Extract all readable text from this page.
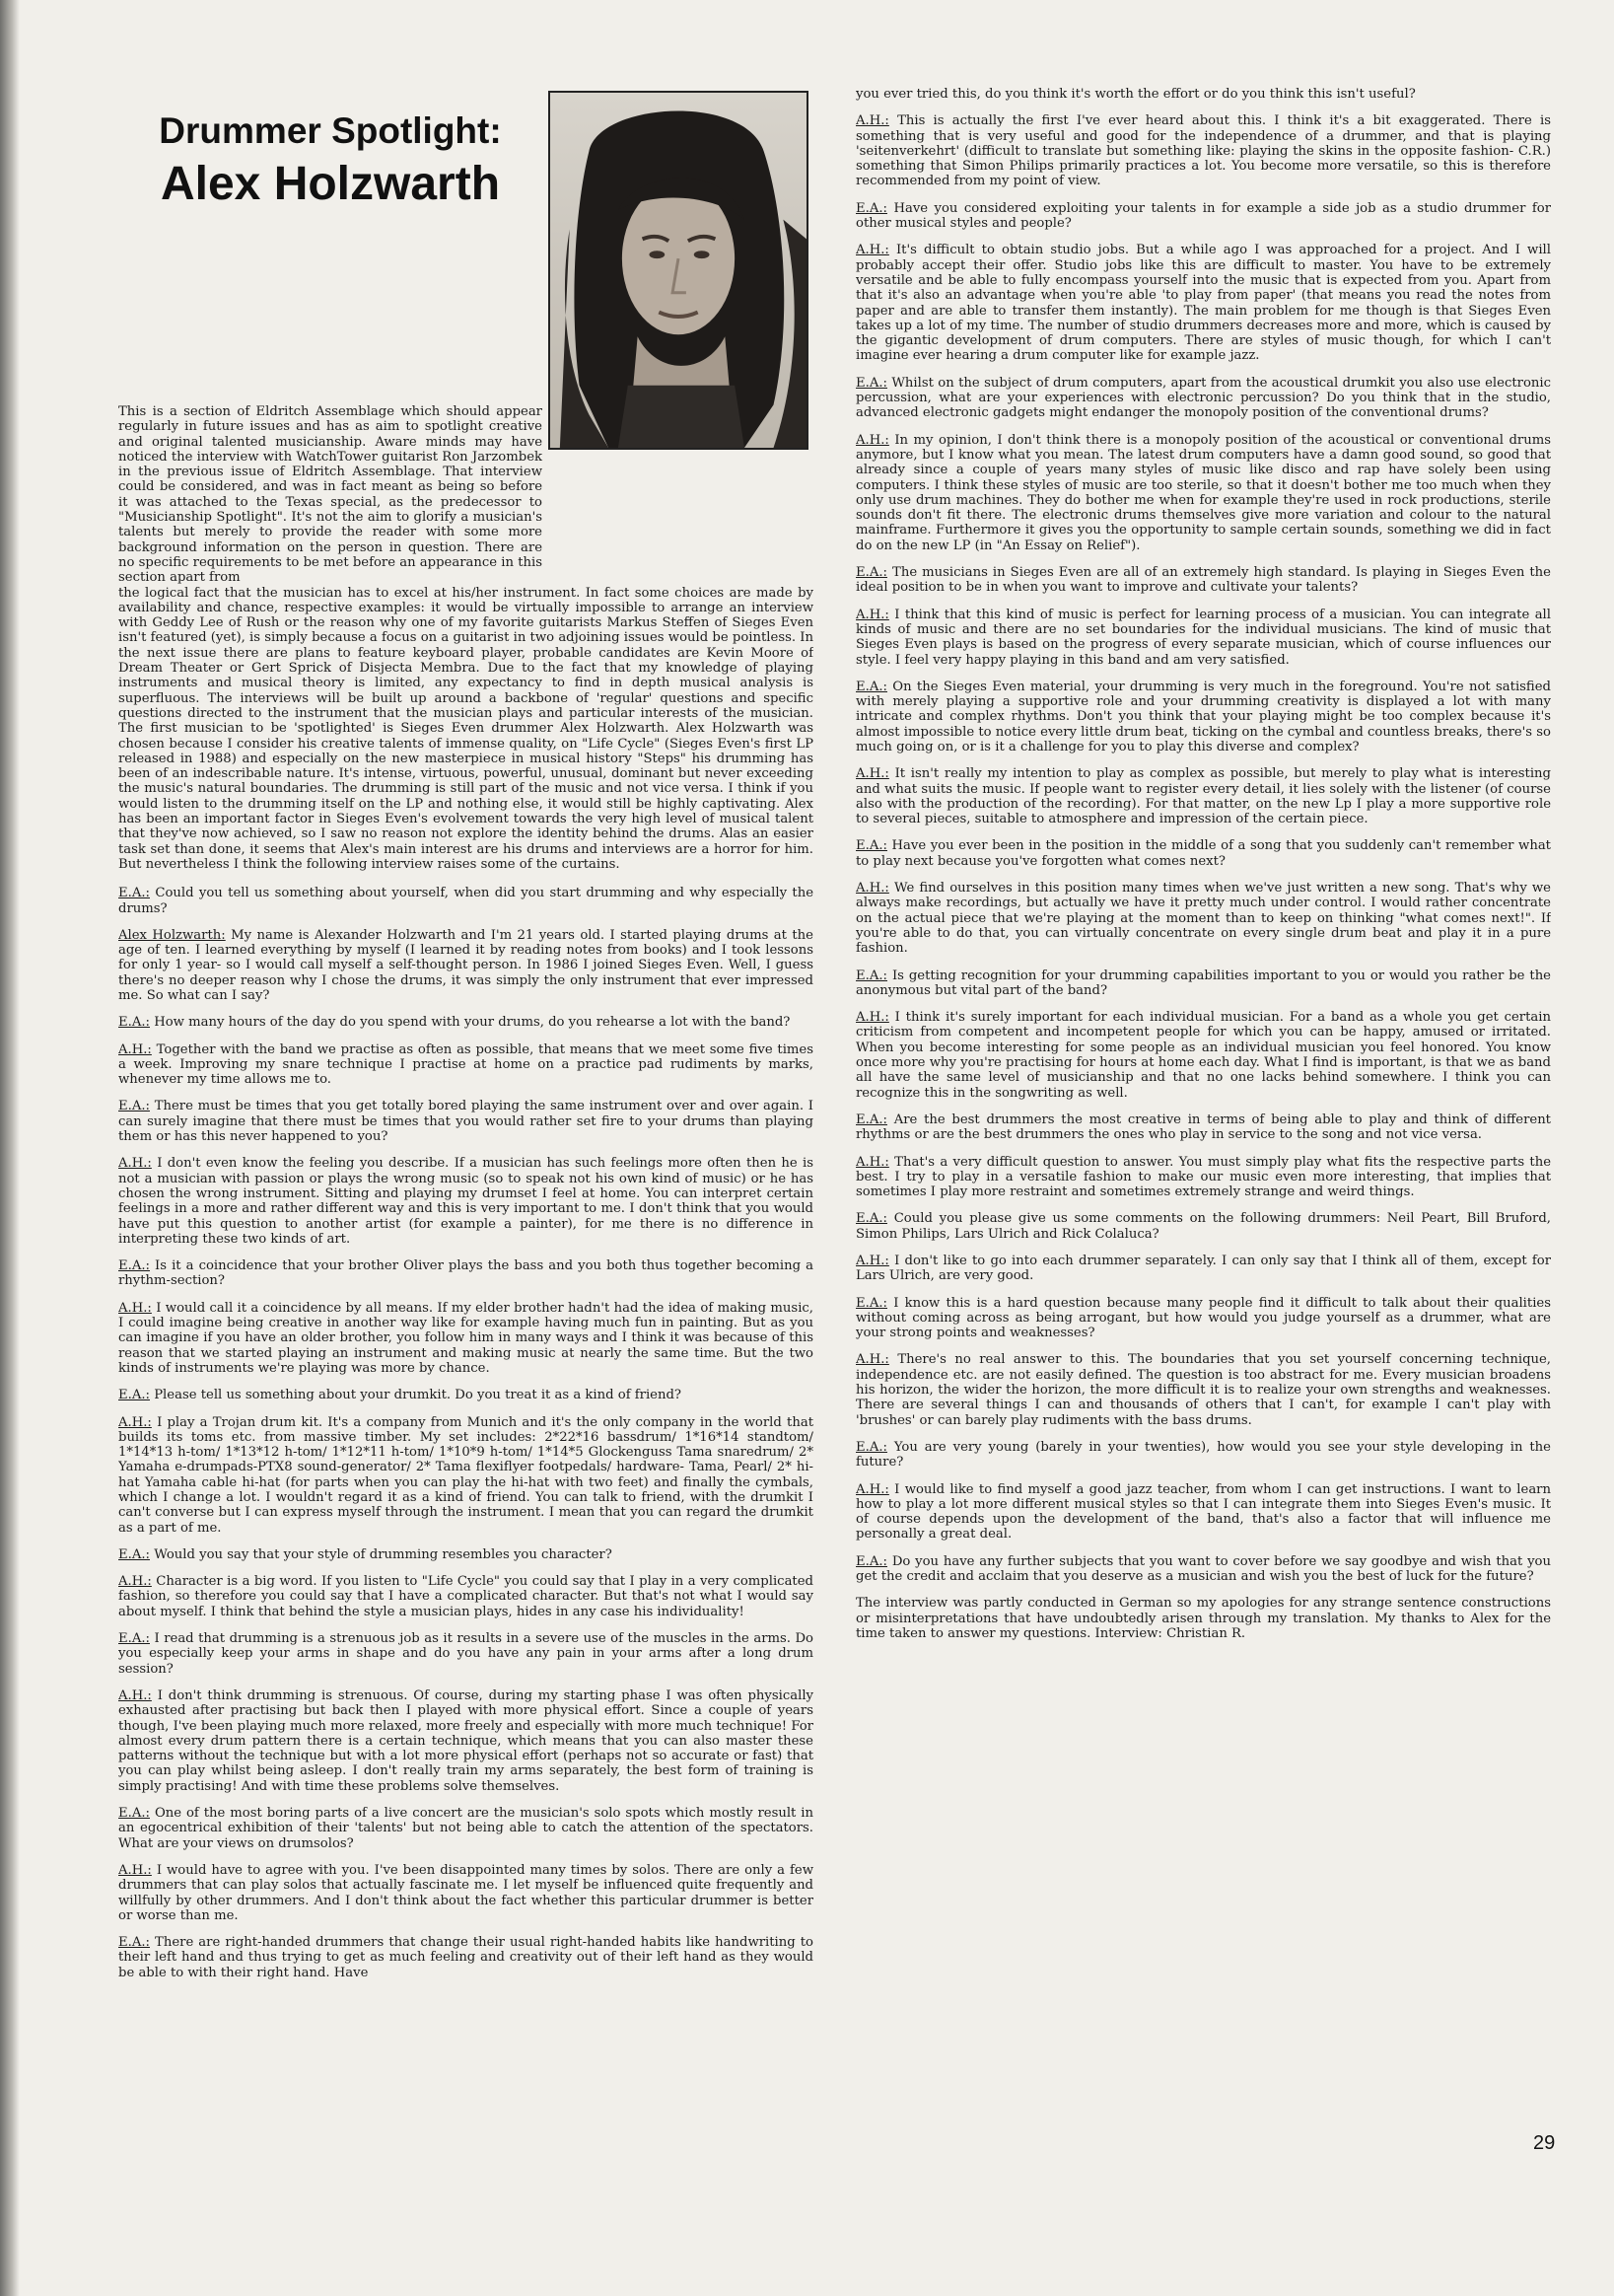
Drummer Spotlight:
Alex Holzwarth

This is a section of Eldritch Assemblage which should appear regularly in future issues and has as aim to spotlight creative and original talented musicianship. Aware minds may have noticed the interview with WatchTower guitarist Ron Jarzombek in the previous issue of Eldritch Assemblage. That interview could be considered, and was in fact meant as being so before it was attached to the Texas special, as the predecessor to "Musicianship Spotlight". It's not the aim to glorify a musician's talents but merely to provide the reader with some more background information on the person in question. There are no specific requirements to be met before an appearance in this section apart from

the logical fact that the musician has to excel at his/her instrument. In fact some choices are made by availability and chance, respective examples: it would be virtually impossible to arrange an interview with Geddy Lee of Rush or the reason why one of my favorite guitarists Markus Steffen of Sieges Even isn't featured (yet), is simply because a focus on a guitarist in two adjoining issues would be pointless. In the next issue there are plans to feature keyboard player, probable candidates are Kevin Moore of Dream Theater or Gert Sprick of Disjecta Membra. Due to the fact that my knowledge of playing instruments and musical theory is limited, any expectancy to find in depth musical analysis is superfluous. The interviews will be built up around a backbone of 'regular' questions and specific questions directed to the instrument that the musician plays and particular interests of the musician. The first musician to be 'spotlighted' is Sieges Even drummer Alex Holzwarth. Alex Holzwarth was chosen because I consider his creative talents of immense quality, on "Life Cycle" (Sieges Even's first LP released in 1988) and especially on the new masterpiece in musical history "Steps" his drumming has been of an indescribable nature. It's intense, virtuous, powerful, unusual, dominant but never exceeding the music's natural boundaries. The drumming is still part of the music and not vice versa. I think if you would listen to the drumming itself on the LP and nothing else, it would still be highly captivating. Alex has been an important factor in Sieges Even's evolvement towards the very high level of musical talent that they've now achieved, so I saw no reason not explore the identity behind the drums. Alas an easier task set than done, it seems that Alex's main interest are his drums and interviews are a horror for him. But nevertheless I think the following interview raises some of the curtains.

E.A.: Could you tell us something about yourself, when did you start drumming and why especially the drums?

Alex Holzwarth: My name is Alexander Holzwarth and I'm 21 years old. I started playing drums at the age of ten. I learned everything by myself (I learned it by reading notes from books) and I took lessons for only 1 year- so I would call myself a self-thought person. In 1986 I joined Sieges Even. Well, I guess there's no deeper reason why I chose the drums, it was simply the only instrument that ever impressed me. So what can I say?

E.A.: How many hours of the day do you spend with your drums, do you rehearse a lot with the band?

A.H.: Together with the band we practise as often as possible, that means that we meet some five times a week. Improving my snare technique I practise at home on a practice pad rudiments by marks, whenever my time allows me to.

E.A.: There must be times that you get totally bored playing the same instrument over and over again. I can surely imagine that there must be times that you would rather set fire to your drums than playing them or has this never happened to you?

A.H.: I don't even know the feeling you describe. If a musician has such feelings more often then he is not a musician with passion or plays the wrong music (so to speak not his own kind of music) or he has chosen the wrong instrument. Sitting and playing my drumset I feel at home. You can interpret certain feelings in a more and rather different way and this is very important to me. I don't think that you would have put this question to another artist (for example a painter), for me there is no difference in interpreting these two kinds of art.

E.A.: Is it a coincidence that your brother Oliver plays the bass and you both thus together becoming a rhythm-section?

A.H.: I would call it a coincidence by all means. If my elder brother hadn't had the idea of making music, I could imagine being creative in another way like for example having much fun in painting. But as you can imagine if you have an older brother, you follow him in many ways and I think it was because of this reason that we started playing an instrument and making music at nearly the same time. But the two kinds of instruments we're playing was more by chance.

E.A.: Please tell us something about your drumkit. Do you treat it as a kind of friend?

A.H.: I play a Trojan drum kit. It's a company from Munich and it's the only company in the world that builds its toms etc. from massive timber. My set includes: 2*22*16 bassdrum/ 1*16*14 standtom/ 1*14*13 h-tom/ 1*13*12 h-tom/ 1*12*11 h-tom/ 1*10*9 h-tom/ 1*14*5 Glockenguss Tama snaredrum/ 2* Yamaha e-drumpads-PTX8 sound-generator/ 2* Tama flexiflyer footpedals/ hardware- Tama, Pearl/ 2* hi-hat Yamaha cable hi-hat (for parts when you can play the hi-hat with two feet) and finally the cymbals, which I change a lot. I wouldn't regard it as a kind of friend. You can talk to friend, with the drumkit I can't converse but I can express myself through the instrument. I mean that you can regard the drumkit as a part of me.

E.A.: Would you say that your style of drumming resembles you character?

A.H.: Character is a big word. If you listen to "Life Cycle" you could say that I play in a very complicated fashion, so therefore you could say that I have a complicated character. But that's not what I would say about myself. I think that behind the style a musician plays, hides in any case his individuality!

E.A.: I read that drumming is a strenuous job as it results in a severe use of the muscles in the arms. Do you especially keep your arms in shape and do you have any pain in your arms after a long drum session?

A.H.: I don't think drumming is strenuous. Of course, during my starting phase I was often physically exhausted after practising but back then I played with more physical effort. Since a couple of years though, I've been playing much more relaxed, more freely and especially with more much technique! For almost every drum pattern there is a certain technique, which means that you can also master these patterns without the technique but with a lot more physical effort (perhaps not so accurate or fast) that you can play whilst being asleep. I don't really train my arms separately, the best form of training is simply practising! And with time these problems solve themselves.

E.A.: One of the most boring parts of a live concert are the musician's solo spots which mostly result in an egocentrical exhibition of their 'talents' but not being able to catch the attention of the spectators. What are your views on drumsolos?

A.H.: I would have to agree with you. I've been disappointed many times by solos. There are only a few drummers that can play solos that actually fascinate me. I let myself be influenced quite frequently and willfully by other drummers. And I don't think about the fact whether this particular drummer is better or worse than me.

E.A.: There are right-handed drummers that change their usual right-handed habits like handwriting to their left hand and thus trying to get as much feeling and creativity out of their left hand as they would be able to with their right hand. Have

you ever tried this, do you think it's worth the effort or do you think this isn't useful?

A.H.: This is actually the first I've ever heard about this. I think it's a bit exaggerated. There is something that is very useful and good for the independence of a drummer, and that is playing 'seitenverkehrt' (difficult to translate but something like: playing the skins in the opposite fashion- C.R.) something that Simon Philips primarily practices a lot. You become more versatile, so this is therefore recommended from my point of view.

E.A.: Have you considered exploiting your talents in for example a side job as a studio drummer for other musical styles and people?

A.H.: It's difficult to obtain studio jobs. But a while ago I was approached for a project. And I will probably accept their offer. Studio jobs like this are difficult to master. You have to be extremely versatile and be able to fully encompass yourself into the music that is expected from you. Apart from that it's also an advantage when you're able 'to play from paper' (that means you read the notes from paper and are able to transfer them instantly). The main problem for me though is that Sieges Even takes up a lot of my time. The number of studio drummers decreases more and more, which is caused by the gigantic development of drum computers. There are styles of music though, for which I can't imagine ever hearing a drum computer like for example jazz.

E.A.: Whilst on the subject of drum computers, apart from the acoustical drumkit you also use electronic percussion, what are your experiences with electronic percussion? Do you think that in the studio, advanced electronic gadgets might endanger the monopoly position of the conventional drums?

A.H.: In my opinion, I don't think there is a monopoly position of the acoustical or conventional drums anymore, but I know what you mean. The latest drum computers have a damn good sound, so good that already since a couple of years many styles of music like disco and rap have solely been using computers. I think these styles of music are too sterile, so that it doesn't bother me too much when they only use drum machines. They do bother me when for example they're used in rock productions, sterile sounds don't fit there. The electronic drums themselves give more variation and colour to the natural mainframe. Furthermore it gives you the opportunity to sample certain sounds, something we did in fact do on the new LP (in "An Essay on Relief").

E.A.: The musicians in Sieges Even are all of an extremely high standard. Is playing in Sieges Even the ideal position to be in when you want to improve and cultivate your talents?

A.H.: I think that this kind of music is perfect for learning process of a musician. You can integrate all kinds of music and there are no set boundaries for the individual musicians. The kind of music that Sieges Even plays is based on the progress of every separate musician, which of course influences our style. I feel very happy playing in this band and am very satisfied.

E.A.: On the Sieges Even material, your drumming is very much in the foreground. You're not satisfied with merely playing a supportive role and your drumming creativity is displayed a lot with many intricate and complex rhythms. Don't you think that your playing might be too complex because it's almost impossible to notice every little drum beat, ticking on the cymbal and countless breaks, there's so much going on, or is it a challenge for you to play this diverse and complex?

A.H.: It isn't really my intention to play as complex as possible, but merely to play what is interesting and what suits the music. If people want to register every detail, it lies solely with the listener (of course also with the production of the recording). For that matter, on the new Lp I play a more supportive role to several pieces, suitable to atmosphere and impression of the certain piece.

E.A.: Have you ever been in the position in the middle of a song that you suddenly can't remember what to play next because you've forgotten what comes next?

A.H.: We find ourselves in this position many times when we've just written a new song. That's why we always make recordings, but actually we have it pretty much under control. I would rather concentrate on the actual piece that we're playing at the moment than to keep on thinking "what comes next!". If you're able to do that, you can virtually concentrate on every single drum beat and play it in a pure fashion.

E.A.: Is getting recognition for your drumming capabilities important to you or would you rather be the anonymous but vital part of the band?

A.H.: I think it's surely important for each individual musician. For a band as a whole you get certain criticism from competent and incompetent people for which you can be happy, amused or irritated. When you become interesting for some people as an individual musician you feel honored. You know once more why you're practising for hours at home each day. What I find is important, is that we as band all have the same level of musicianship and that no one lacks behind somewhere. I think you can recognize this in the songwriting as well.

E.A.: Are the best drummers the most creative in terms of being able to play and think of different rhythms or are the best drummers the ones who play in service to the song and not vice versa.

A.H.: That's a very difficult question to answer. You must simply play what fits the respective parts the best. I try to play in a versatile fashion to make our music even more interesting, that implies that sometimes I play more restraint and sometimes extremely strange and weird things.

E.A.: Could you please give us some comments on the following drummers: Neil Peart, Bill Bruford, Simon Philips, Lars Ulrich and Rick Colaluca?

A.H.: I don't like to go into each drummer separately. I can only say that I think all of them, except for Lars Ulrich, are very good.

E.A.: I know this is a hard question because many people find it difficult to talk about their qualities without coming across as being arrogant, but how would you judge yourself as a drummer, what are your strong points and weaknesses?

A.H.: There's no real answer to this. The boundaries that you set yourself concerning technique, independence etc. are not easily defined. The question is too abstract for me. Every musician broadens his horizon, the wider the horizon, the more difficult it is to realize your own strengths and weaknesses. There are several things I can and thousands of others that I can't, for example I can't play with 'brushes' or can barely play rudiments with the bass drums.

E.A.: You are very young (barely in your twenties), how would you see your style developing in the future?

A.H.: I would like to find myself a good jazz teacher, from whom I can get instructions. I want to learn how to play a lot more different musical styles so that I can integrate them into Sieges Even's music. It of course depends upon the development of the band, that's also a factor that will influence me personally a great deal.

E.A.: Do you have any further subjects that you want to cover before we say goodbye and wish that you get the credit and acclaim that you deserve as a musician and wish you the best of luck for the future?

The interview was partly conducted in German so my apologies for any strange sentence constructions or misinterpretations that have undoubtedly arisen through my translation. My thanks to Alex for the time taken to answer my questions. Interview: Christian R.

29
